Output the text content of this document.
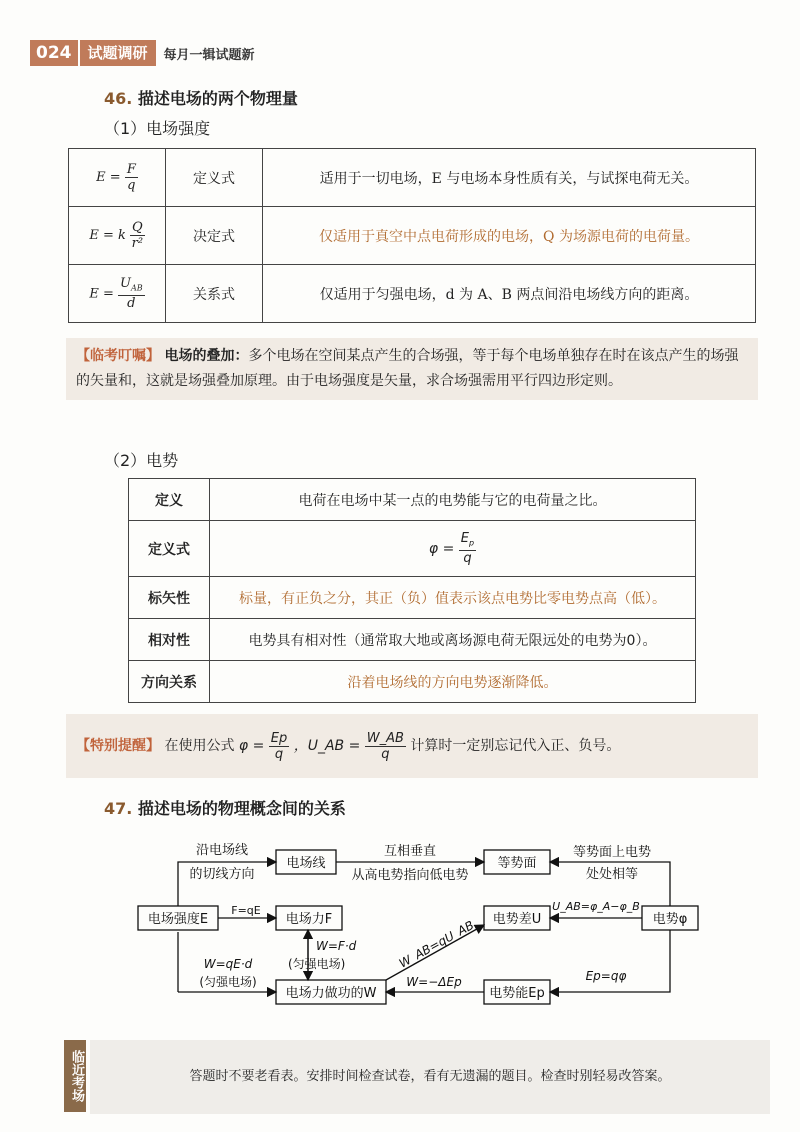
024	试题调研	每月一辑试题新
46. 描述电场的两个物理量
（1）电场强度
$E = \frac{F}{q}$	定义式	适用于一切电场，E 与电场本身性质有关，与试探电荷无关。
E = k $\frac{Q}{\text{r²}}$	决定式	仅适用于真空中点电荷形成的电场，Q 为场源电荷的电荷量。
$E = \frac{U_{AB}}{d}$	关系式	仅适用于匀强电场，d 为 A、B 两点间沿电场线方向的距离。
【临考叮嘱】 电场的叠加：多个电场在空间某点产生的合场强，等于每个电场单独存在时在该点产生的场强的矢量和，这就是场强叠加原理。由于电场强度是矢量，求合场强需用平行四边形定则。
（2）电势
定义	电荷在电场中某一点的电势能与它的电荷量之比。
定义式	$\varphi = \frac{E_p}{q}$

标矢性	标量，有正负之分，其正（负）值表示该点电势比零电势点高（低）。
相对性	电势具有相对性（通常取大地或离场源电荷无限远处的电势为0）。
方向关系	沿着电场线的方向电势逐渐降低。
【特别提醒】 在使用公式 $\varphi = \frac{Ep}{q}$ ，U_AB = $\frac{W\_AB}{q}$ 计算时一定别忘记代入正、负号。
47. 描述电场的物理概念间的关系
电场线	等势面
电场强度E	电场力F	电势差U	电势φ
电场力做功的W	电势能Ep
沿电场线
的切线方向
互相垂直
从高电势指向低电势
等势面上电势
处处相等
F=qE	U_AB=φ_A−φ_B
W=F·d
(匀强电场)
W=qE·d
(匀强电场)
W_AB=qU_AB
W=−ΔEp	Ep=qφ
临近考场	答题时不要老看表。安排时间检查试卷，看有无遗漏的题目。检查时别轻易改答案。
